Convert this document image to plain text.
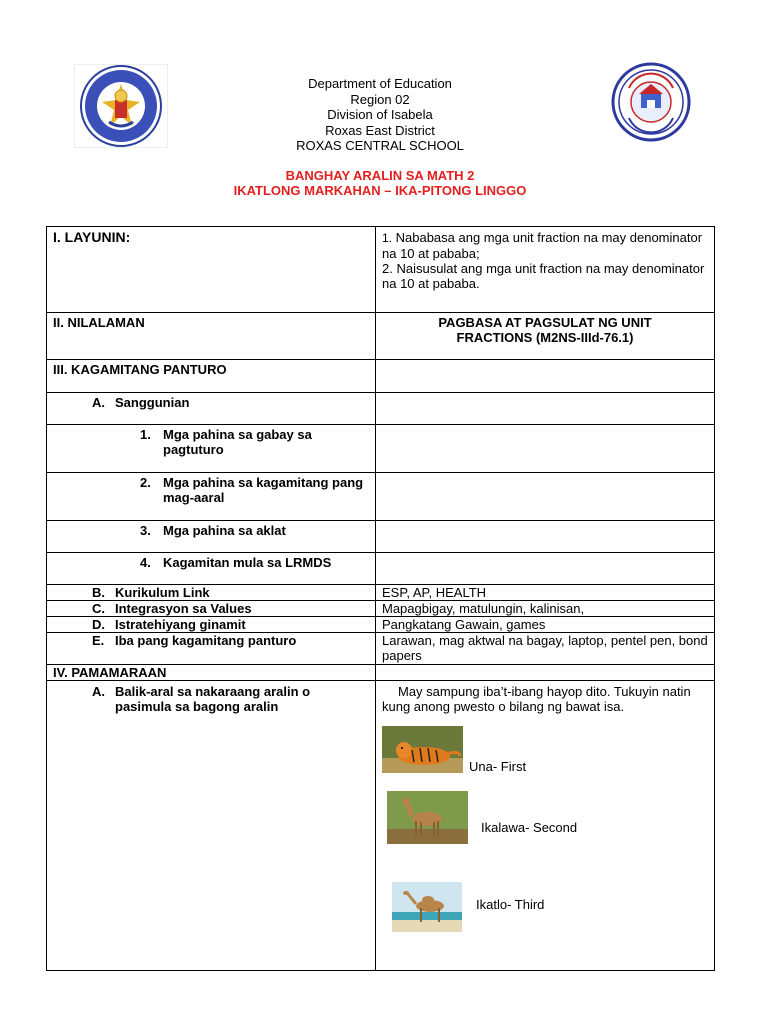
Department of Education
Region 02
Division of Isabela
Roxas East District
ROXAS CENTRAL SCHOOL
BANGHAY ARALIN SA MATH 2
IKATLONG MARKAHAN – IKA-PITONG LINGGO
I. LAYUNIN:	1. Nababasa ang mga unit fraction na may denominator na 10 at pababa;
2. Naisusulat ang mga unit fraction na may denominator na 10 at pababa.

II. NILALAMAN	PAGBASA AT PAGSULAT NG UNIT FRACTIONS (M2NS-IIId-76.1)
III. KAGAMITANG PANTURO	

A. Sanggunian	

1. Mga pahina sa gabay sa pagtuturo	

2. Mga pahina sa kagamitang pang mag-aaral	

3. Mga pahina sa aklat	

4. Kagamitan mula sa LRMDS	

B. Kurikulum Link	ESP, AP, HEALTH

C. Integrasyon sa Values	Mapagbigay, matulungin, kalinisan,

D. Istratehiyang ginamit	Pangkatang Gawain, games

E. Iba pang kagamitang panturo	Larawan, mag aktwal na bagay, laptop, pentel pen, bond papers
IV. PAMAMARAAN	

A. Balik-aral sa nakaraang aralin o pasimula sa bagong aralin	May sampung iba’t-ibang hayop dito. Tukuyin natin kung anong pwesto o bilang ng bawat isa.
Una- First
Ikalawa- Second
Ikatlo- Third
